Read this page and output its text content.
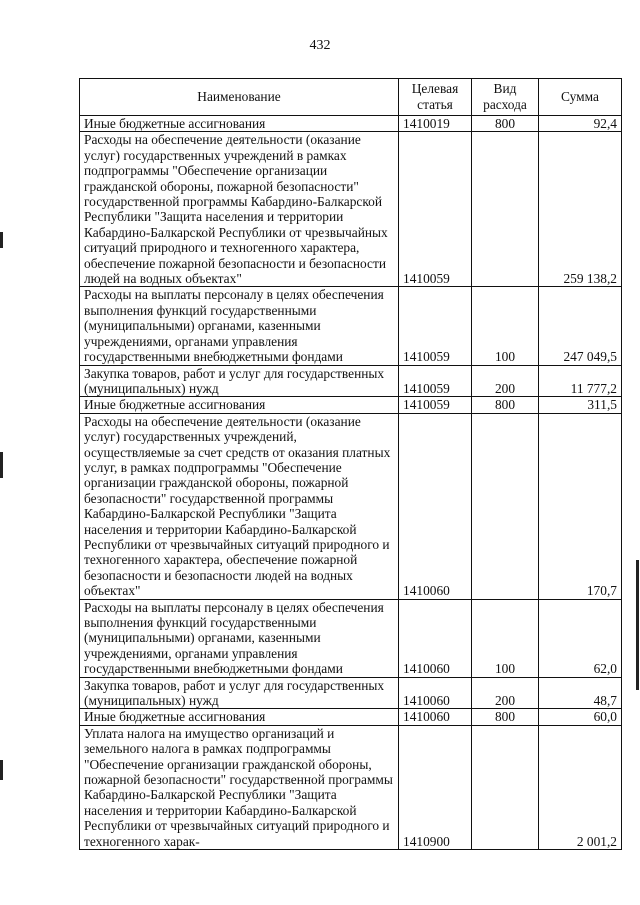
432
Наименование	Целевая статья	Вид расхода	Сумма
Иные бюджетные ассигнования	1410019	800	92,4
Расходы на обеспечение деятельности (оказание услуг) государственных учреждений в рамках подпрограммы "Обеспечение организации гражданской обороны, пожарной безопасности" государственной программы Кабардино-Балкарской Республики "Защита населения и территории Кабардино-Балкарской Республики от чрезвычайных ситуаций природного и техногенного характера, обеспечение пожарной безопасности и безопасности людей на водных объектах"	1410059		259 138,2
Расходы на выплаты персоналу в целях обеспечения выполнения функций государственными (муниципальными) органами, казенными учреждениями, органами управления государственными внебюджетными фондами	1410059	100	247 049,5
Закупка товаров, работ и услуг для государственных (муниципальных) нужд	1410059	200	11 777,2
Иные бюджетные ассигнования	1410059	800	311,5
Расходы на обеспечение деятельности (оказание услуг) государственных учреждений, осуществляемые за счет средств от оказания платных услуг, в рамках подпрограммы "Обеспечение организации гражданской обороны, пожарной безопасности" государственной программы Кабардино-Балкарской Республики "Защита населения и территории Кабардино-Балкарской Республики от чрезвычайных ситуаций природного и техногенного характера, обеспечение пожарной безопасности и безопасности людей на водных объектах"	1410060		170,7
Расходы на выплаты персоналу в целях обеспечения выполнения функций государственными (муниципальными) органами, казенными учреждениями, органами управления государственными внебюджетными фондами	1410060	100	62,0
Закупка товаров, работ и услуг для государственных (муниципальных) нужд	1410060	200	48,7
Иные бюджетные ассигнования	1410060	800	60,0
Уплата налога на имущество организаций и земельного налога в рамках подпрограммы "Обеспечение организации гражданской обороны, пожарной безопасности" государственной программы Кабардино-Балкарской Республики "Защита населения и территории Кабардино-Балкарской Республики от чрезвычайных ситуаций природного и техногенного харак-	1410900		2 001,2
